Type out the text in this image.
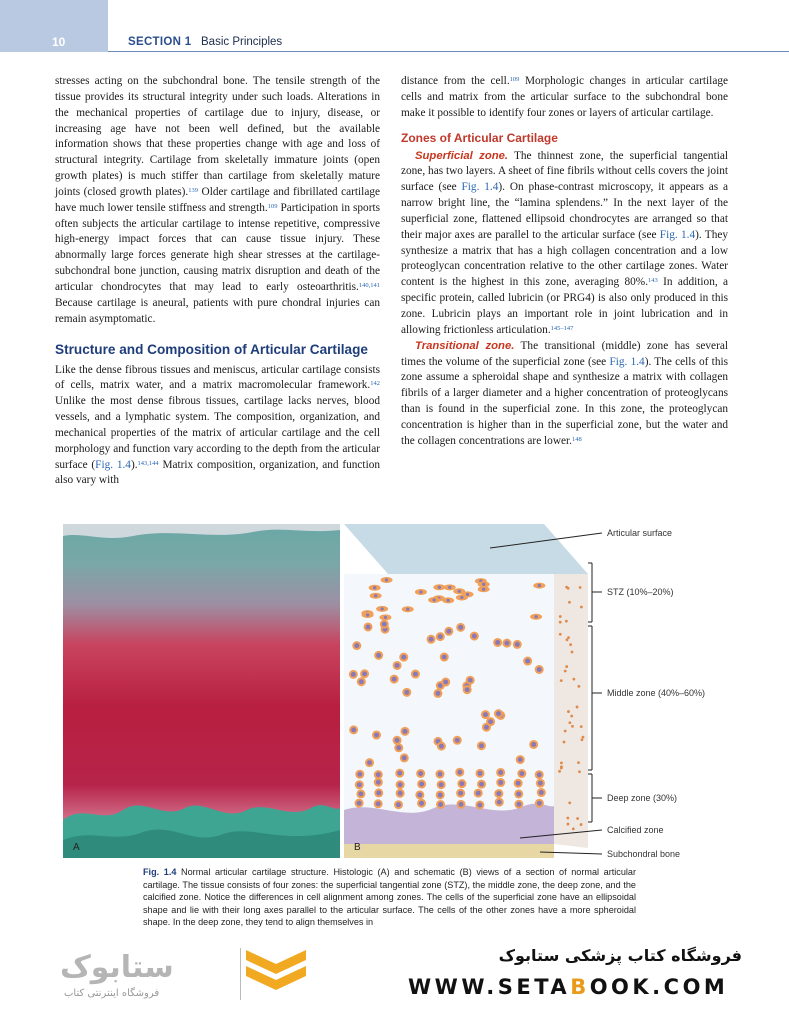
10	SECTION 1 Basic Principles

stresses acting on the subchondral bone. The tensile strength of the tissue provides its structural integrity under such loads. Alterations in the mechanical properties of cartilage due to injury, disease, or increasing age have not been well defined, but the available information shows that these properties change with age and loss of structural integrity. Cartilage from skeletally immature joints (open growth plates) is much stiffer than cartilage from skeletally mature joints (closed growth plates).$^{139}$ Older cartilage and fibrillated cartilage have much lower tensile stiffness and strength.$^{109}$ Participation in sports often subjects the articular cartilage to intense repetitive, compressive high-energy impact forces that can cause tissue injury. These abnormally large forces generate high shear stresses at the cartilage-subchondral bone junction, causing matrix disruption and death of the articular chondrocytes that may lead to early osteoarthritis.$^{140,141}$ Because cartilage is aneural, patients with pure chondral injuries can remain asymptomatic.

Structure and Composition of Articular Cartilage

Like the dense fibrous tissues and meniscus, articular cartilage consists of cells, matrix water, and a matrix macromolecular framework.$^{142}$ Unlike the most dense fibrous tissues, cartilage lacks nerves, blood vessels, and a lymphatic system. The composition, organization, and mechanical properties of the matrix of articular cartilage and the cell morphology and function vary according to the depth from the articular surface (Fig. 1.4).$^{143,144}$ Matrix composition, organization, and function also vary with

distance from the cell.$^{109}$ Morphologic changes in articular cartilage cells and matrix from the articular surface to the subchondral bone make it possible to identify four zones or layers of articular cartilage.

Zones of Articular Cartilage

Superficial zone. The thinnest zone, the superficial tangential zone, has two layers. A sheet of fine fibrils without cells covers the joint surface (see Fig. 1.4). On phase-contrast microscopy, it appears as a narrow bright line, the “lamina splendens.” In the next layer of the superficial zone, flattened ellipsoid chondrocytes are arranged so that their major axes are parallel to the articular surface (see Fig. 1.4). They synthesize a matrix that has a high collagen concentration and a low proteoglycan concentration relative to the other cartilage zones. Water content is the highest in this zone, averaging 80%.$^{143}$ In addition, a specific protein, called lubricin (or PRG4) is also only produced in this zone. Lubricin plays an important role in joint lubrication and in allowing frictionless articulation.$^{145-147}$

Transitional zone. The transitional (middle) zone has several times the volume of the superficial zone (see Fig. 1.4). The cells of this zone assume a spheroidal shape and synthesize a matrix with collagen fibrils of a larger diameter and a higher concentration of proteoglycans than is found in the superficial zone. In this zone, the proteoglycan concentration is higher than in the superficial zone, but the water and the collagen concentrations are lower.$^{148}$

A	B
Articular surface
STZ (10%–20%)
Middle zone (40%–60%)
Deep zone (30%)
Calcified zone
Subchondral bone
Fig. 1.4 Normal articular cartilage structure. Histologic (A) and schematic (B) views of a section of normal articular cartilage. The tissue consists of four zones: the superficial tangential zone (STZ), the middle zone, the deep zone, and the calcified zone. Notice the differences in cell alignment among zones. The cells of the superficial zone have an ellipsoidal shape and lie with their long axes parallel to the articular surface. The cells of the other zones have a more spheroidal shape. In the deep zone, they tend to align themselves in
ستابوک
فروشگاه اینترنتی کتاب
فروشگاه کتاب پزشکی ستابوک
WWW.SETABOOK.COM
